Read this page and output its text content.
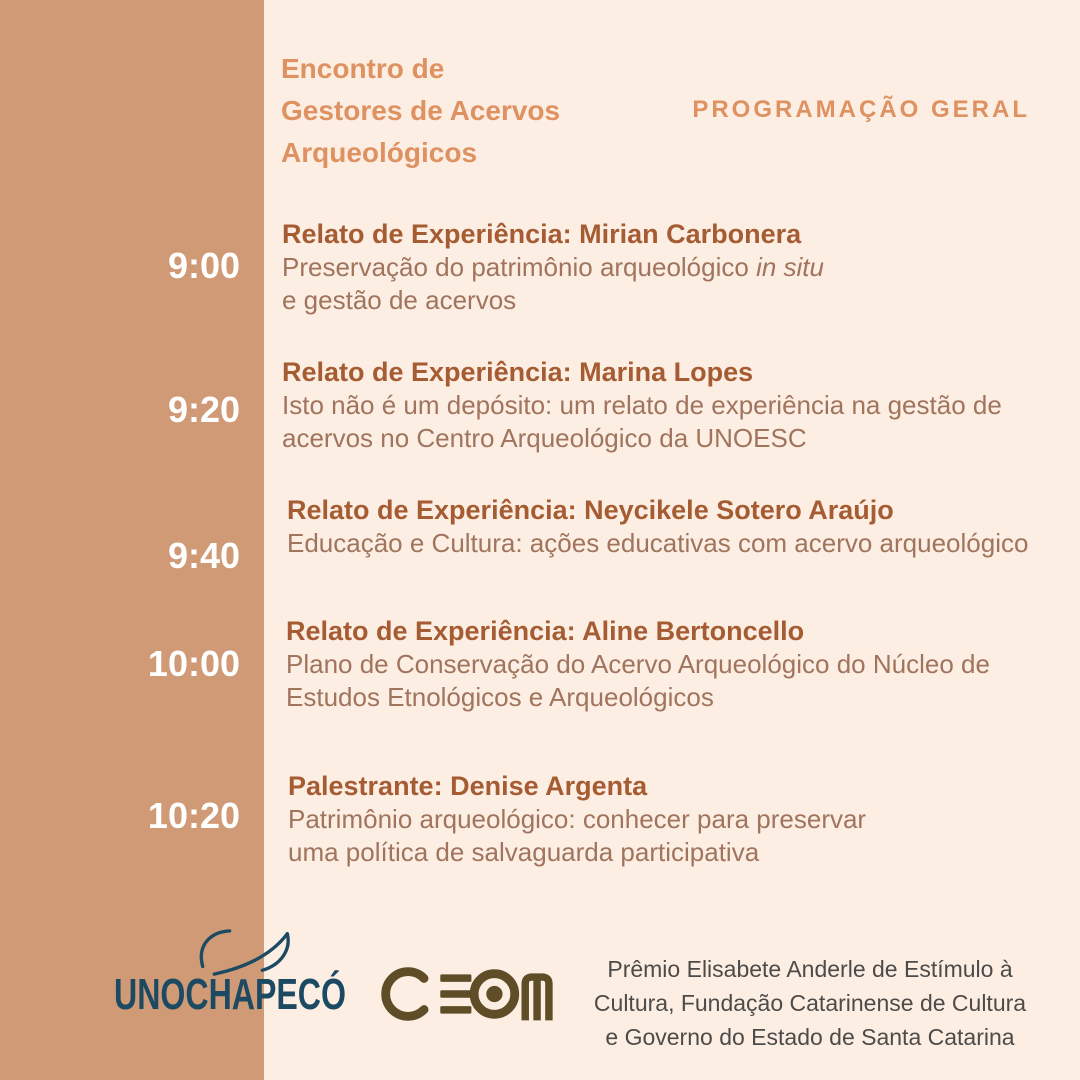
Encontro de
Gestores de Acervos
Arqueológicos
PROGRAMAÇÃO GERAL
9:00
Relato de Experiência: Mirian Carbonera
Preservação do patrimônio arqueológico in situ
e gestão de acervos
9:20
Relato de Experiência: Marina Lopes
Isto não é um depósito: um relato de experiência na gestão de
acervos no Centro Arqueológico da UNOESC
9:40
Relato de Experiência: Neycikele Sotero Araújo
Educação e Cultura: ações educativas com acervo arqueológico
10:00
Relato de Experiência: Aline Bertoncello
Plano de Conservação do Acervo Arqueológico do Núcleo de
Estudos Etnológicos e Arqueológicos
10:20
Palestrante: Denise Argenta
Patrimônio arqueológico: conhecer para preservar
uma política de salvaguarda participativa
UNOCHAPECÓ
Prêmio Elisabete Anderle de Estímulo à
Cultura, Fundação Catarinense de Cultura
e Governo do Estado de Santa Catarina
